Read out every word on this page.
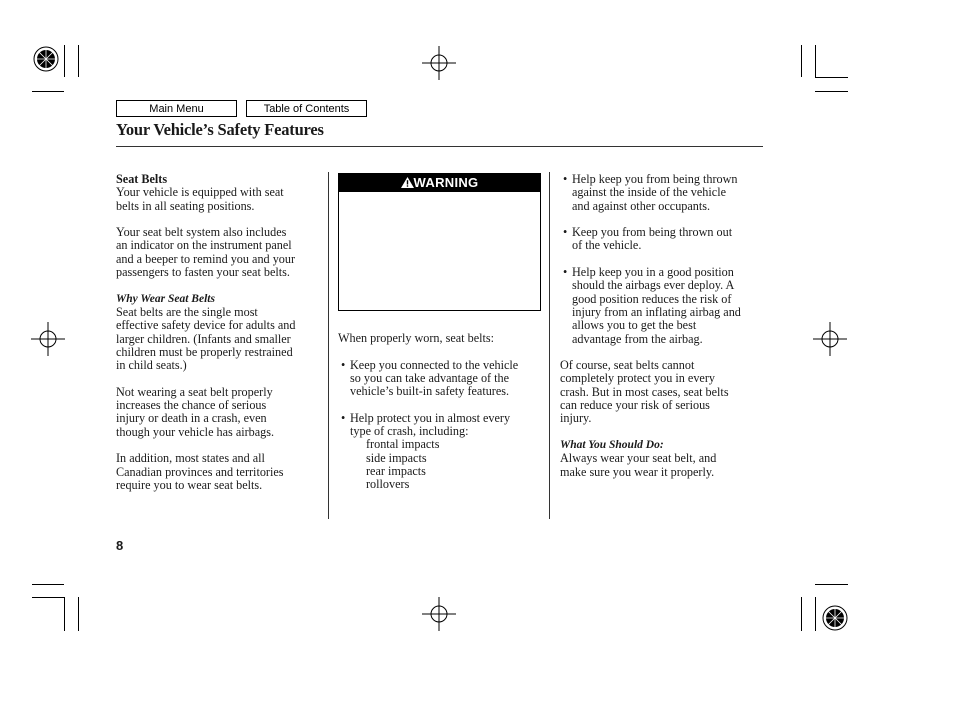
Main Menu	Table of Contents
Your Vehicle’s Safety Features

Seat Belts

Your vehicle is equipped with seat

belts in all seating positions.

Your seat belt system also includes

an indicator on the instrument panel

and a beeper to remind you and your

passengers to fasten your seat belts.

Why Wear Seat Belts

Seat belts are the single most

effective safety device for adults and

larger children. (Infants and smaller

children must be properly restrained

in child seats.)

Not wearing a seat belt properly

increases the chance of serious

injury or death in a crash, even

though your vehicle has airbags.

In addition, most states and all

Canadian provinces and territories

require you to wear seat belts.

WARNING

When properly worn, seat belts:

• Keep you connected to the vehicle

so you can take advantage of the

vehicle’s built-in safety features.

• Help protect you in almost every

type of crash, including:

frontal impacts

side impacts

rear impacts

rollovers

• Help keep you from being thrown

against the inside of the vehicle

and against other occupants.

• Keep you from being thrown out

of the vehicle.

• Help keep you in a good position

should the airbags ever deploy. A

good position reduces the risk of

injury from an inflating airbag and

allows you to get the best

advantage from the airbag.

Of course, seat belts cannot

completely protect you in every

crash. But in most cases, seat belts

can reduce your risk of serious

injury.

What You Should Do:

Always wear your seat belt, and

make sure you wear it properly.

8
